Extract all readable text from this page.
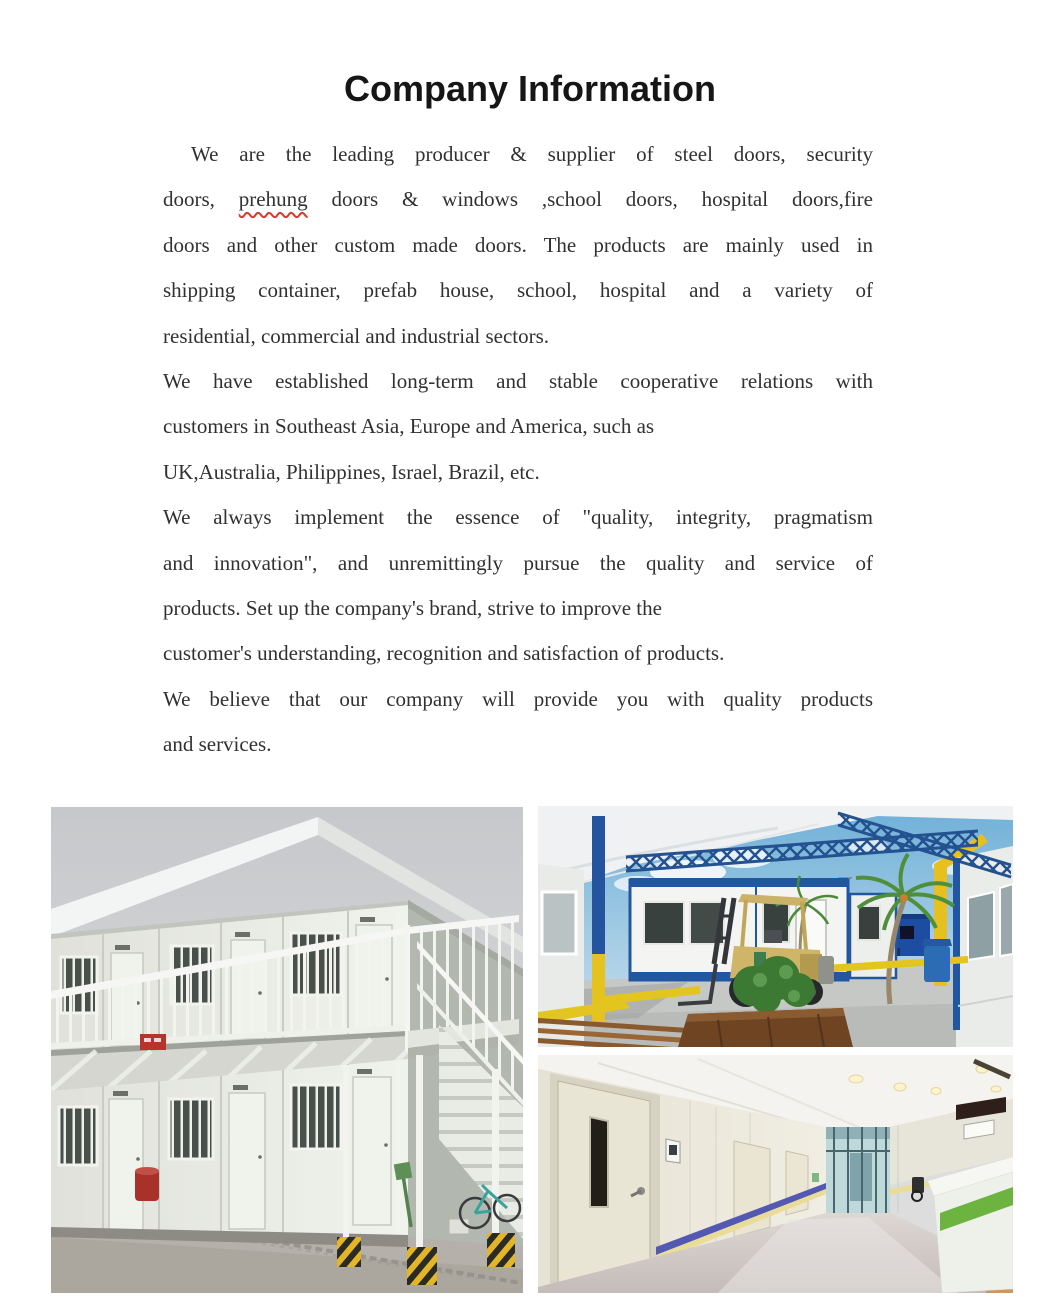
Company Information
We are the leading producer & supplier of steel doors, security
doors, prehung doors & windows ,school doors, hospital doors,fire
doors and other custom made doors. The products are mainly used in
shipping container, prefab house, school, hospital and a variety of
residential, commercial and industrial sectors.
We have established long-term and stable cooperative relations with
customers in Southeast Asia, Europe and America, such as
UK,Australia, Philippines, Israel, Brazil, etc.
We always implement the essence of "quality, integrity, pragmatism
and innovation", and unremittingly pursue the quality and service of
products. Set up the company's brand, strive to improve the
customer's understanding, recognition and satisfaction of products.
We believe that our company will provide you with quality products
and services.
